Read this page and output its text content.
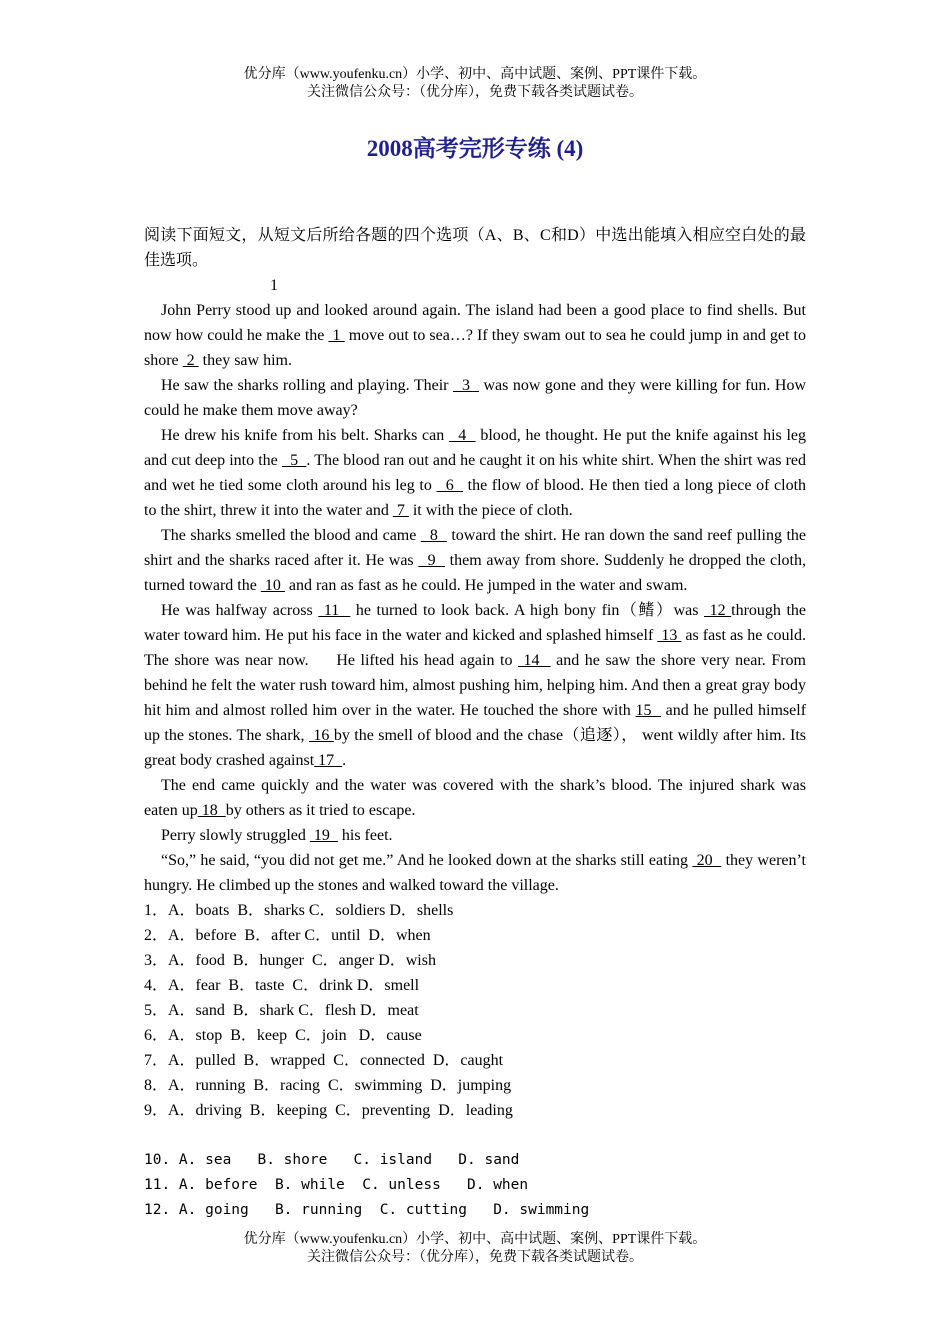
优分库（www.youfenku.cn）小学、初中、高中试题、案例、PPT课件下载。
关注微信公众号：（优分库），免费下载各类试题试卷。
2008高考完形专练 (4)

阅读下面短文，从短文后所给各题的四个选项（A、B、C和D）中选出能填入相应空白处的最佳选项。

1

John Perry stood up and looked around again. The island had been a good place to find shells. But now how could he make the  1  move out to sea…? If they swam out to sea he could jump in and get to shore  2  they saw him.

He saw the sharks rolling and playing. Their   3   was now gone and they were killing for fun. How could he make them move away?

He drew his knife from his belt. Sharks can   4   blood, he thought. He put the knife against his leg and cut deep into the   5  . The blood ran out and he caught it on his white shirt. When the shirt was red and wet he tied some cloth around his leg to   6   the flow of blood. He then tied a long piece of cloth to the shirt, threw it into the water and  7  it with the piece of cloth.

The sharks smelled the blood and came   8   toward the shirt. He ran down the sand reef pulling the shirt and the sharks raced after it. He was   9   them away from shore. Suddenly he dropped the cloth, turned toward the  10  and ran as fast as he could. He jumped in the water and swam.

He was halfway across  11   he turned to look back. A high bony fin（鳍）was  12 through the water toward him. He put his face in the water and kicked and splashed himself  13  as fast as he could. The shore was near now.     He lifted his head again to  14   and he saw the shore very near. From behind he felt the water rush toward him, almost pushing him, helping him. And then a great gray body hit him and almost rolled him over in the water. He touched the shore with 15   and he pulled himself up the stones. The shark,  16 by the smell of blood and the chase（追逐）， went wildly after him. Its great body crashed against 17  .

The end came quickly and the water was covered with the shark’s blood. The injured shark was eaten up 18  by others as it tried to escape.

Perry slowly struggled  19   his feet.

“So,” he said, “you did not get me.” And he looked down at the sharks still eating  20   they weren’t hungry. He climbed up the stones and walked toward the village.

1．A．boats  B．sharks C．soldiers D．shells

2．A．before  B．after C．until  D．when

3．A．food  B．hunger  C．anger D．wish

4．A．fear  B．taste  C．drink D．smell

5．A．sand  B．shark C．flesh D．meat

6．A．stop  B．keep  C．join   D．cause

7．A．pulled  B．wrapped  C．connected  D．caught

8．A．running  B．racing  C．swimming  D．jumping

9．A．driving  B．keeping  C．preventing  D．leading

10. A. sea   B. shore   C. island   D. sand

11. A. before  B. while  C. unless   D. when

12. A. going   B. running  C. cutting   D. swimming

优分库（www.youfenku.cn）小学、初中、高中试题、案例、PPT课件下载。
关注微信公众号：（优分库），免费下载各类试题试卷。
